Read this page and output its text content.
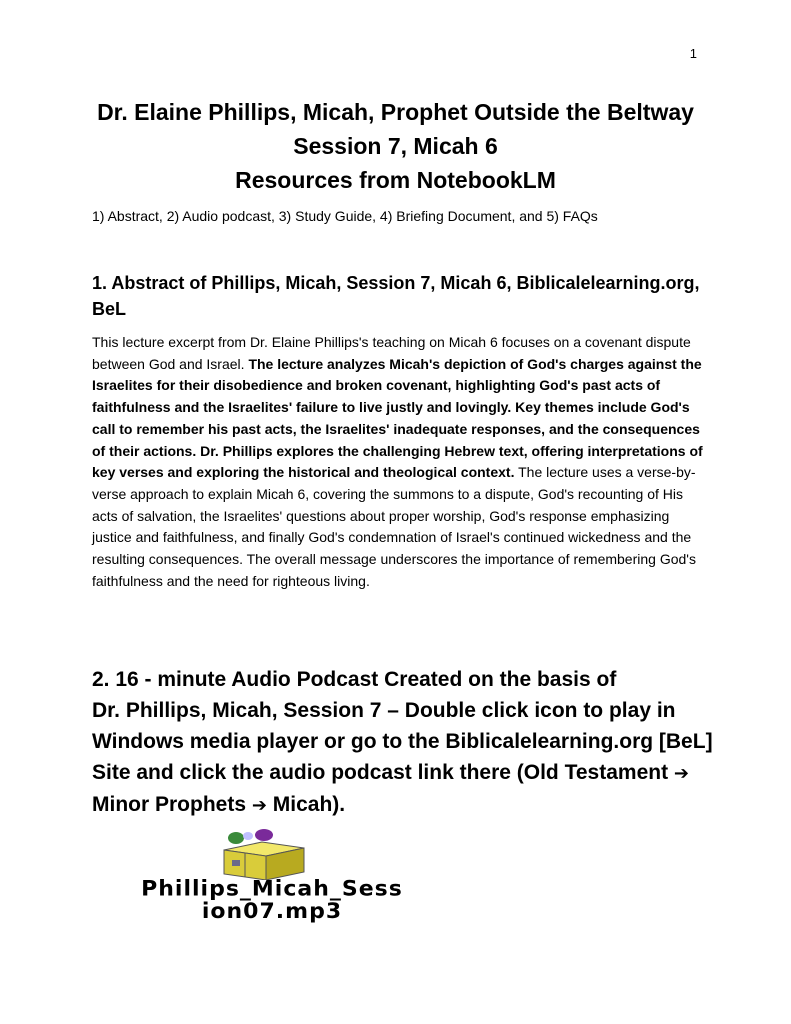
1
Dr. Elaine Phillips, Micah, Prophet Outside the Beltway
Session 7, Micah 6
Resources from NotebookLM
1) Abstract, 2) Audio podcast, 3) Study Guide, 4) Briefing Document, and 5) FAQs
1. Abstract of Phillips, Micah, Session 7, Micah 6, Biblicalelearning.org,
BeL
This lecture excerpt from Dr. Elaine Phillips's teaching on Micah 6 focuses on a covenant dispute between God and Israel. The lecture analyzes Micah's depiction of God's charges against the Israelites for their disobedience and broken covenant, highlighting God's past acts of faithfulness and the Israelites' failure to live justly and lovingly. Key themes include God's call to remember his past acts, the Israelites' inadequate responses, and the consequences of their actions. Dr. Phillips explores the challenging Hebrew text, offering interpretations of key verses and exploring the historical and theological context. The lecture uses a verse-by-verse approach to explain Micah 6, covering the summons to a dispute, God's recounting of His acts of salvation, the Israelites' questions about proper worship, God's response emphasizing justice and faithfulness, and finally God's condemnation of Israel's continued wickedness and the resulting consequences. The overall message underscores the importance of remembering God's faithfulness and the need for righteous living.
2. 16 - minute Audio Podcast Created on the basis of
Dr. Phillips, Micah, Session 7 – Double click icon to play in
Windows media player or go to the Biblicalelearning.org [BeL]
Site and click the audio podcast link there (Old Testament ➔
Minor Prophets ➔ Micah).
Phillips_Micah_Sess
ion07.mp3
